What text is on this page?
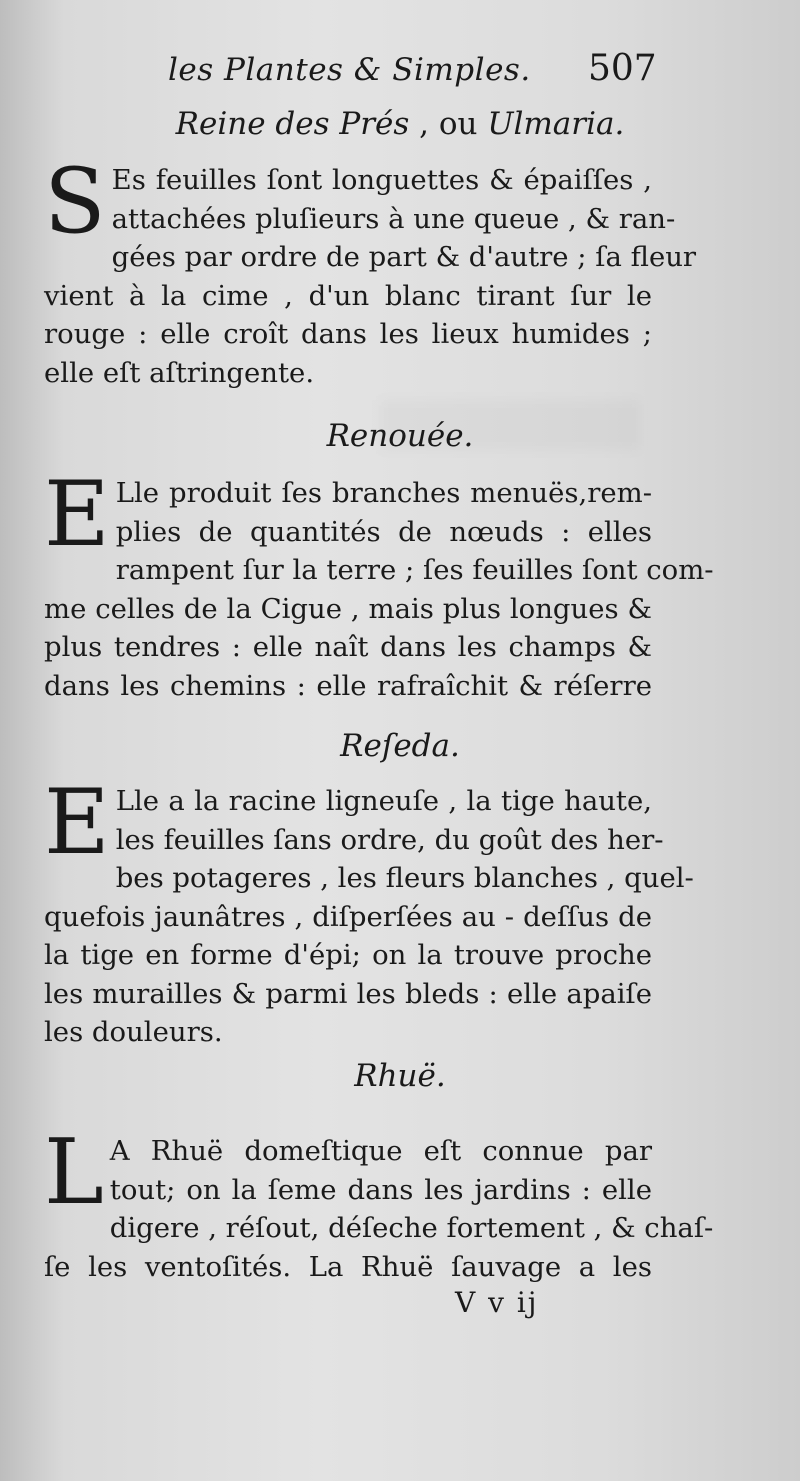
les Plantes & Simples. 507
Reine des Prés , ou Ulmaria.
S Es feuilles ſont longuettes & épaiſſes ,
attachées pluſieurs à une queue , & ran-
gées par ordre de part & d'autre ; ſa fleur
vient à la cime , d'un blanc tirant ſur le
rouge : elle croît dans les lieux humides ;
elle eſt aſtringente.
Renouée.
E Lle produit ſes branches menuës,rem-
plies de quantités de nœuds : elles
rampent ſur la terre ; ſes feuilles ſont com-
me celles de la Cigue , mais plus longues &
plus tendres : elle naît dans les champs &
dans les chemins : elle rafraîchit & réſerre
Reſeda.
E Lle a la racine ligneuſe , la tige haute,
les feuilles ſans ordre, du goût des her-
bes potageres , les fleurs blanches , quel-
quefois jaunâtres , diſperſées au - deſſus de
la tige en forme d'épi; on la trouve proche
les murailles & parmi les bleds : elle apaiſe
les douleurs.
Rhuë.
L A Rhuë domeſtique eſt connue par
tout; on la ſeme dans les jardins : elle
digere , réſout, déſeche fortement , & chaſ-
ſe les ventoſités. La Rhuë ſauvage a les
V v ij
